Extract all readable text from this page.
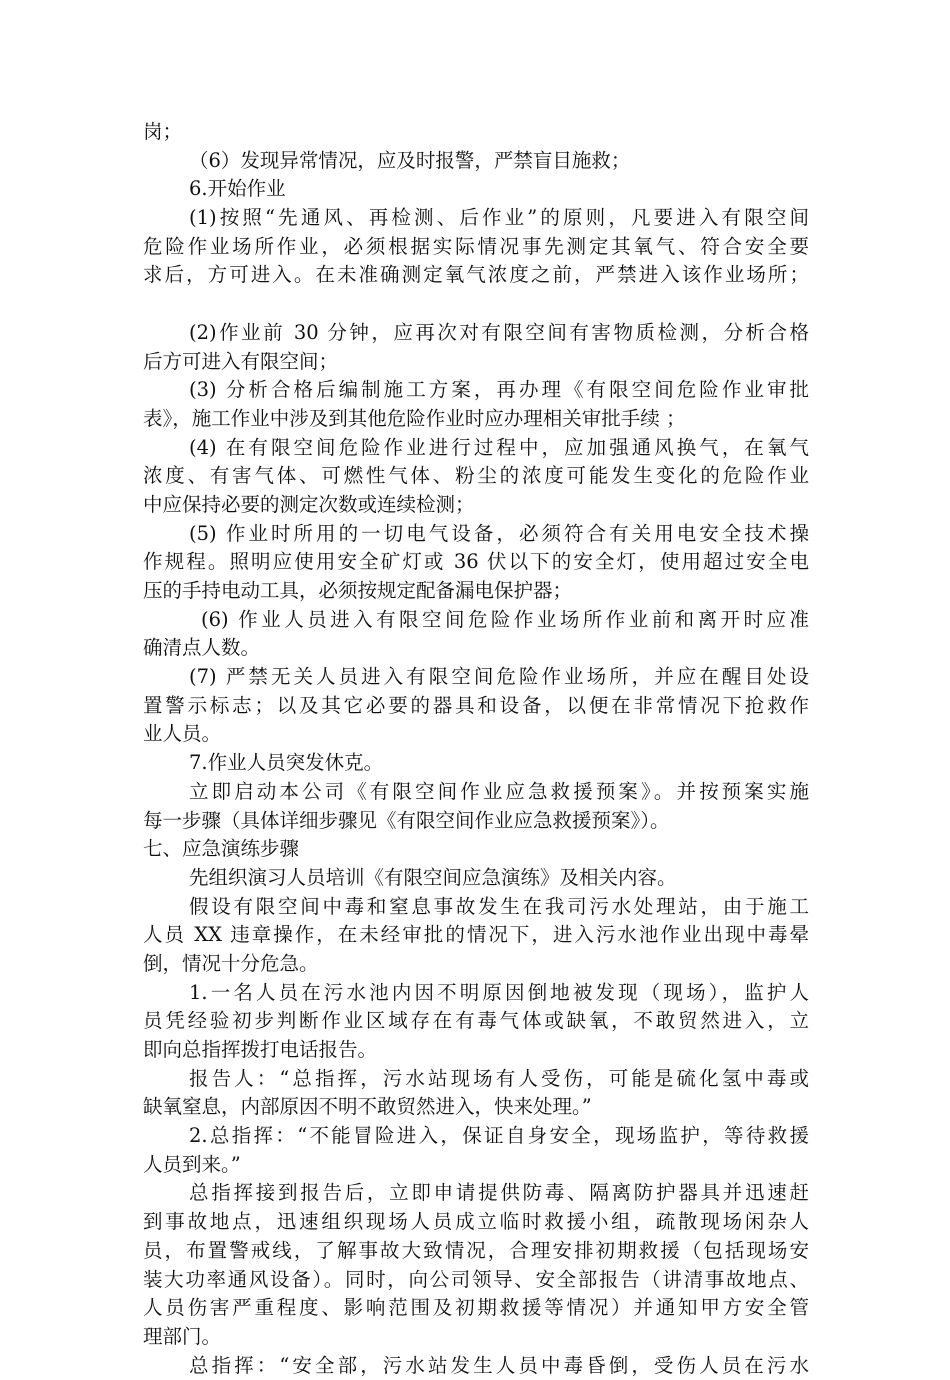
岗；
（6）发现异常情况，应及时报警，严禁盲目施救；
6.开始作业
(1)按照“先通风、再检测、后作业”的原则，凡要进入有限空间
危险作业场所作业，必须根据实际情况事先测定其氧气、符合安全要
求后，方可进入。在未准确测定氧气浓度之前，严禁进入该作业场所；
(2)作业前 30 分钟，应再次对有限空间有害物质检测，分析合格
后方可进入有限空间；
(3) 分析合格后编制施工方案，再办理《有限空间危险作业审批
表》，施工作业中涉及到其他危险作业时应办理相关审批手续 ；
(4) 在有限空间危险作业进行过程中，应加强通风换气，在氧气
浓度、有害气体、可燃性气体、粉尘的浓度可能发生变化的危险作业
中应保持必要的测定次数或连续检测；
(5) 作业时所用的一切电气设备，必须符合有关用电安全技术操
作规程。照明应使用安全矿灯或 36 伏以下的安全灯，使用超过安全电
压的手持电动工具，必须按规定配备漏电保护器；
(6) 作业人员进入有限空间危险作业场所作业前和离开时应准
确清点人数。
(7) 严禁无关人员进入有限空间危险作业场所，并应在醒目处设
置警示标志；以及其它必要的器具和设备，以便在非常情况下抢救作
业人员。
7.作业人员突发休克。
立即启动本公司《有限空间作业应急救援预案》。并按预案实施
每一步骤（具体详细步骤见《有限空间作业应急救援预案》）。
七、应急演练步骤
先组织演习人员培训《有限空间应急演练》及相关内容。
假设有限空间中毒和窒息事故发生在我司污水处理站，由于施工
人员 XX 违章操作，在未经审批的情况下，进入污水池作业出现中毒晕
倒，情况十分危急。
1.一名人员在污水池内因不明原因倒地被发现（现场），监护人
员凭经验初步判断作业区域存在有毒气体或缺氧，不敢贸然进入，立
即向总指挥拨打电话报告。
报告人：“总指挥，污水站现场有人受伤，可能是硫化氢中毒或
缺氧窒息，内部原因不明不敢贸然进入，快来处理。”
2.总指挥：“不能冒险进入，保证自身安全，现场监护，等待救援
人员到来。”
总指挥接到报告后，立即申请提供防毒、隔离防护器具并迅速赶
到事故地点，迅速组织现场人员成立临时救援小组，疏散现场闲杂人
员，布置警戒线，了解事故大致情况，合理安排初期救援（包括现场安
装大功率通风设备）。同时，向公司领导、安全部报告（讲清事故地点、
人员伤害严重程度、影响范围及初期救援等情况）并通知甲方安全管
理部门。
总指挥：“安全部，污水站发生人员中毒昏倒，受伤人员在污水
